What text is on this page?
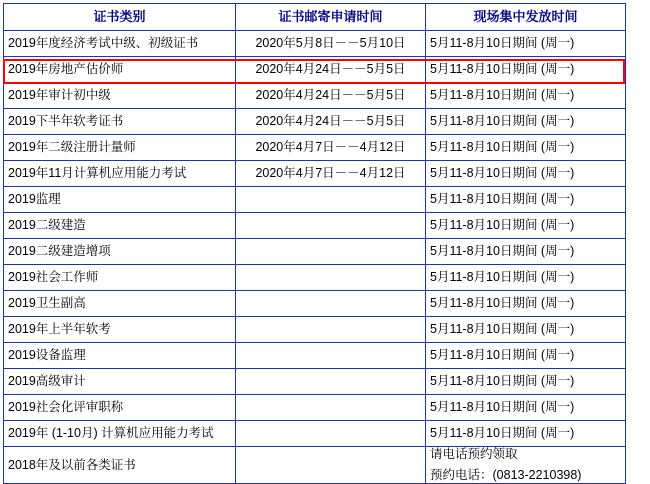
证书类别	证书邮寄申请时间	现场集中发放时间
2019年度经济考试中级、初级证书	2020年5月8日－－5月10日	5月11-8月10日期间 (周一)
2019年房地产估价师	2020年4月24日－－5月5日	5月11-8月10日期间 (周一)
2019年审计初中级	2020年4月24日－－5月5日	5月11-8月10日期间 (周一)
2019下半年软考证书	2020年4月24日－－5月5日	5月11-8月10日期间 (周一)
2019年二级注册计量师	2020年4月7日－－4月12日	5月11-8月10日期间 (周一)
2019年11月计算机应用能力考试	2020年4月7日－－4月12日	5月11-8月10日期间 (周一)
2019监理		5月11-8月10日期间 (周一)
2019二级建造		5月11-8月10日期间 (周一)
2019二级建造增项		5月11-8月10日期间 (周一)
2019社会工作师		5月11-8月10日期间 (周一)
2019卫生副高		5月11-8月10日期间 (周一)
2019年上半年软考		5月11-8月10日期间 (周一)
2019设备监理		5月11-8月10日期间 (周一)
2019高级审计		5月11-8月10日期间 (周一)
2019社会化评审职称		5月11-8月10日期间 (周一)
2019年 (1-10月) 计算机应用能力考试		5月11-8月10日期间 (周一)
2018年及以前各类证书		请电话预约领取
预约电话：(0813-2210398)
